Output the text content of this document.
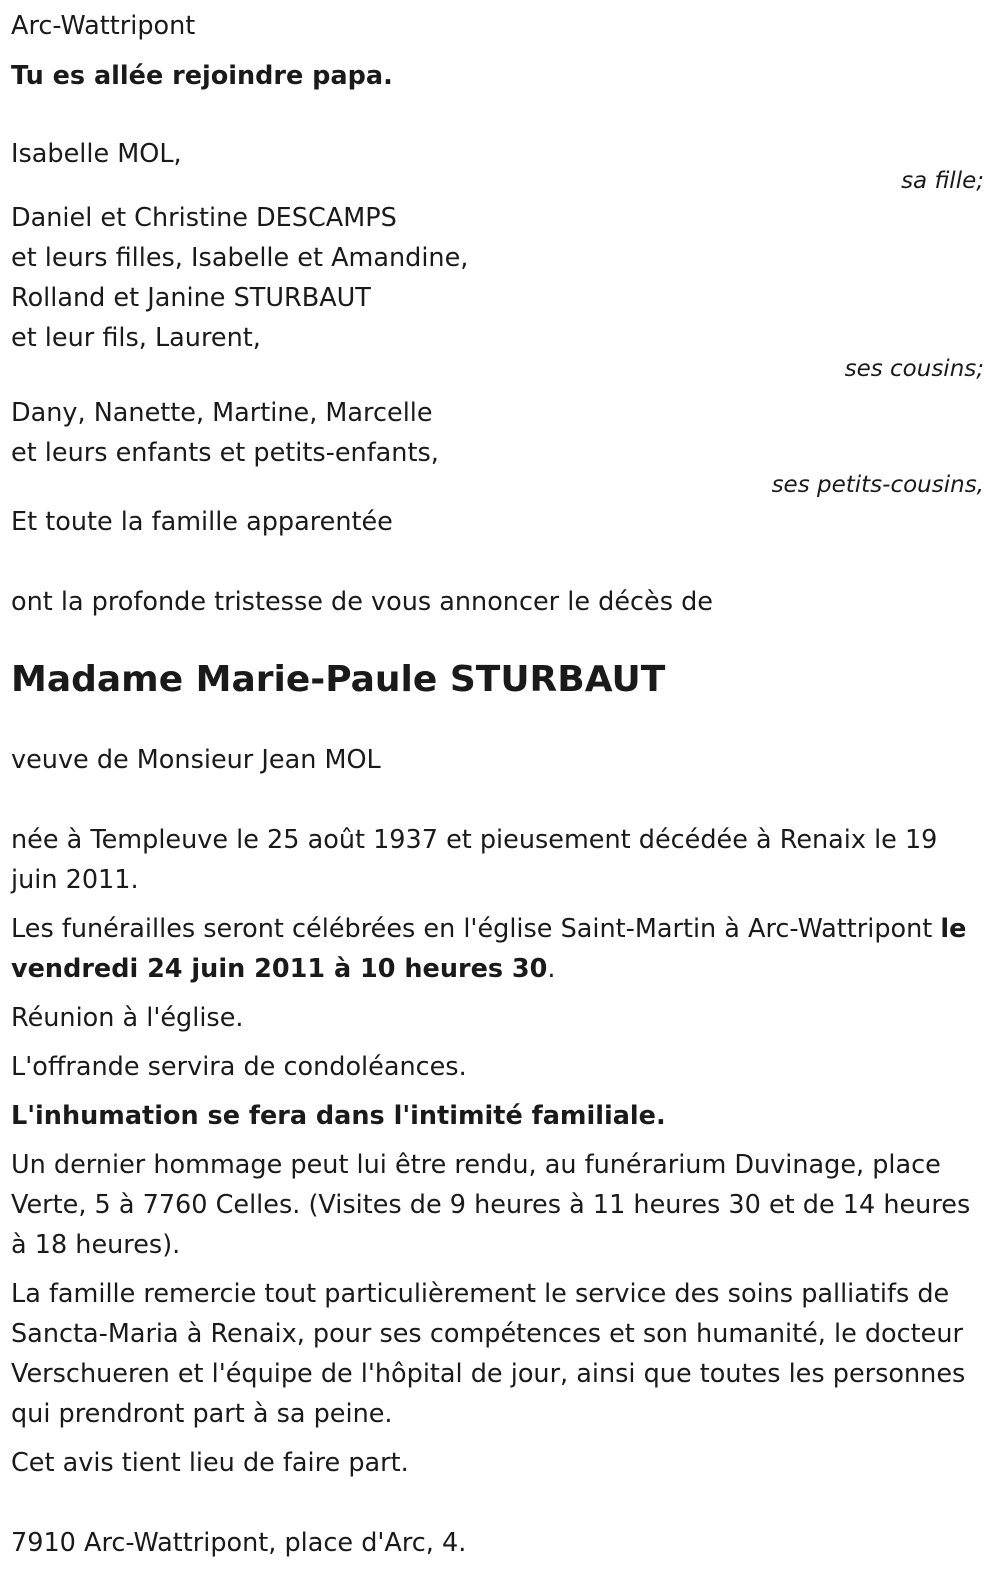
Arc-Wattripont
Tu es allée rejoindre papa.
Isabelle MOL,
sa fille;
Daniel et Christine DESCAMPS
et leurs filles, Isabelle et Amandine,
Rolland et Janine STURBAUT
et leur fils, Laurent,
ses cousins;
Dany, Nanette, Martine, Marcelle
et leurs enfants et petits-enfants,
ses petits-cousins,
Et toute la famille apparentée
ont la profonde tristesse de vous annoncer le décès de
Madame Marie-Paule STURBAUT
veuve de Monsieur Jean MOL
née à Templeuve le 25 août 1937 et pieusement décédée à Renaix le 19 juin 2011.
Les funérailles seront célébrées en l'église Saint-Martin à Arc-Wattripont le vendredi 24 juin 2011 à 10 heures 30.
Réunion à l'église.
L'offrande servira de condoléances.
L'inhumation se fera dans l'intimité familiale.
Un dernier hommage peut lui être rendu, au funérarium Duvinage, place Verte, 5 à 7760 Celles. (Visites de 9 heures à 11 heures 30 et de 14 heures à 18 heures).
La famille remercie tout particulièrement le service des soins palliatifs de Sancta-Maria à Renaix, pour ses compétences et son humanité, le docteur Verschueren et l'équipe de l'hôpital de jour, ainsi que toutes les personnes qui prendront part à sa peine.
Cet avis tient lieu de faire part.
7910 Arc-Wattripont, place d'Arc, 4.
